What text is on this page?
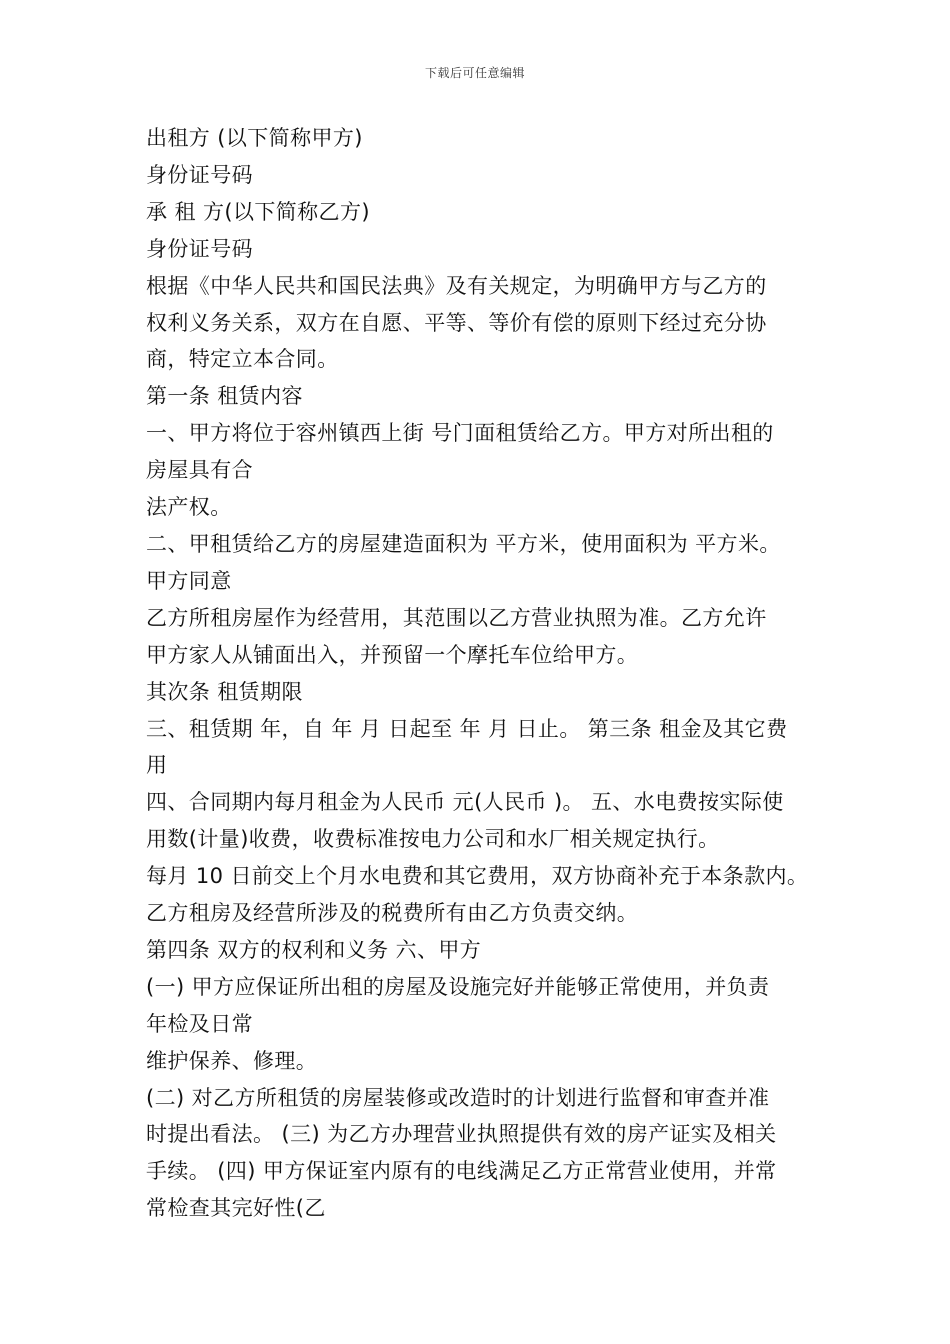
下载后可任意编辑
出租方 (以下简称甲方)
身份证号码
承 租 方(以下简称乙方)
身份证号码
根据《中华人民共和国民法典》及有关规定，为明确甲方与乙方的
权利义务关系，双方在自愿、平等、等价有偿的原则下经过充分协
商，特定立本合同。
第一条 租赁内容
一、甲方将位于容州镇西上街 号门面租赁给乙方。甲方对所出租的
房屋具有合
法产权。
二、甲租赁给乙方的房屋建造面积为 平方米，使用面积为 平方米。
甲方同意
乙方所租房屋作为经营用，其范围以乙方营业执照为准。乙方允许
甲方家人从铺面出入，并预留一个摩托车位给甲方。
其次条 租赁期限
三、租赁期 年，自 年 月 日起至 年 月 日止。 第三条 租金及其它费
用
四、合同期内每月租金为人民币 元(人民币 )。 五、水电费按实际使
用数(计量)收费，收费标准按电力公司和水厂相关规定执行。
每月 10 日前交上个月水电费和其它费用，双方协商补充于本条款内。
乙方租房及经营所涉及的税费所有由乙方负责交纳。
第四条 双方的权利和义务 六、甲方
(一) 甲方应保证所出租的房屋及设施完好并能够正常使用，并负责
年检及日常
维护保养、修理。
(二) 对乙方所租赁的房屋装修或改造时的计划进行监督和审查并准
时提出看法。 (三) 为乙方办理营业执照提供有效的房产证实及相关
手续。 (四) 甲方保证室内原有的电线满足乙方正常营业使用，并常
常检查其完好性(乙
